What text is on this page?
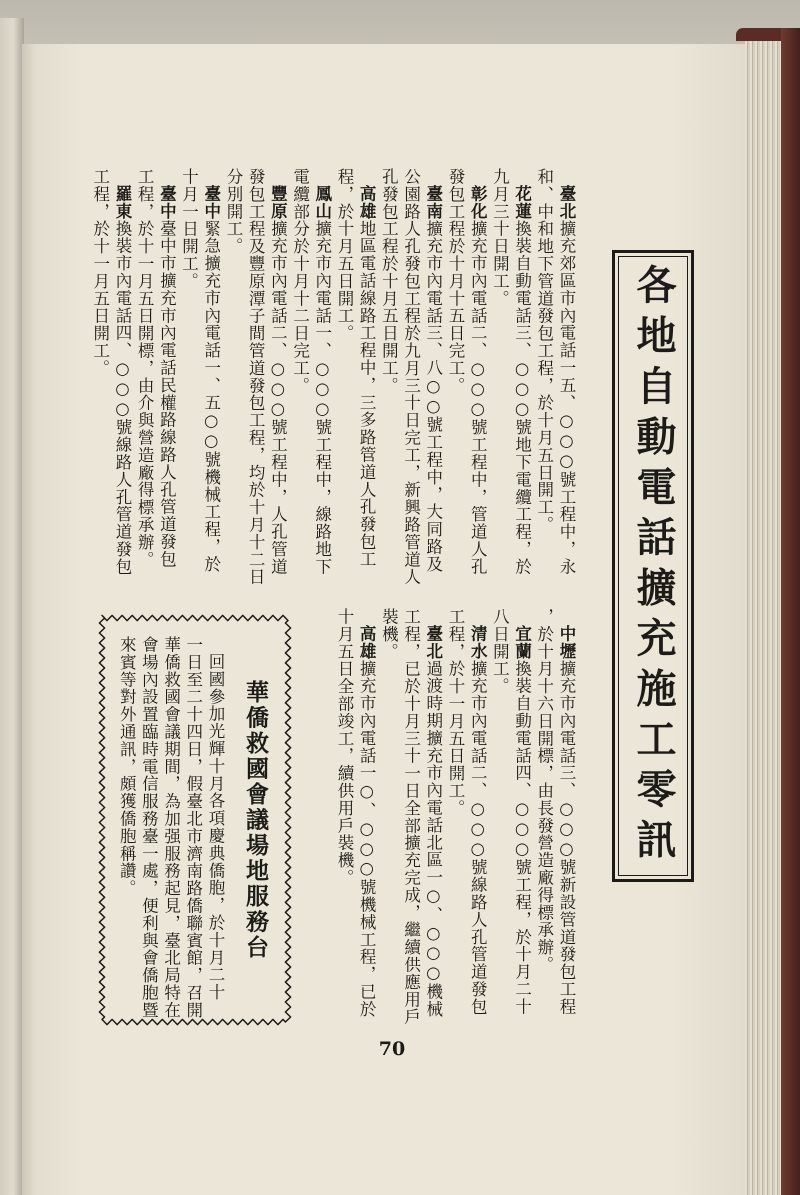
各地自動電話擴充施工零訊
臺北擴充郊區市內電話一五、○○○號工程中，永
和、中和地下管道發包工程，於十月五日開工。
花蓮換裝自動電話三、○○○號地下電纜工程，於
九月三十日開工。
彰化擴充市內電話二、○○○號工程中，管道人孔
發包工程於十月十五日完工。
臺南擴充市內電話三、八○○號工程中，大同路及
公園路人孔發包工程於九月三十日完工，新興路管道人
孔發包工程於十月五日開工。
高雄地區電話線路工程中，三多路管道人孔發包工
程，於十月五日開工。
鳳山擴充市內電話一、○○○號工程中，線路地下
電纜部分於十月十二日完工。
豐原擴充市內電話二、○○○號工程中，人孔管道
發包工程及豐原潭子間管道發包工程，均於十月十二日
分別開工。
臺中緊急擴充市內電話一、五○○號機械工程，於
十月一日開工。
臺中臺中市擴充市內電話民權路線路人孔管道發包
工程，於十一月五日開標，由介與營造廠得標承辦。
羅東換裝市內電話四、○○○號線路人孔管道發包
工程，於十一月五日開工。
中壢擴充市內電話三、○○○號新設管道發包工程
，於十月十六日開標，由長發營造廠得標承辦。
宜蘭換裝自動電話四、○○○號工程，於十月二十
八日開工。
清水擴充市內電話二、○○○號線路人孔管道發包
工程，於十一月五日開工。
臺北過渡時期擴充市內電話北區一○、○○○機械
工程，已於十月三十一日全部擴充完成，繼續供應用戶
裝機。
高雄擴充市內電話一○、○○○號機械工程，已於
十月五日全部竣工，續供用戶裝機。
華僑救國會議場地服務台
回國參加光輝十月各項慶典僑胞，於十月二十
一日至二十四日，假臺北市濟南路僑聯賓館，召開
華僑救國會議期間，為加强服務起見，臺北局特在
會場內設置臨時電信服務臺一處，便利與會僑胞暨
來賓等對外通訊，頗獲僑胞稱讚。
70
